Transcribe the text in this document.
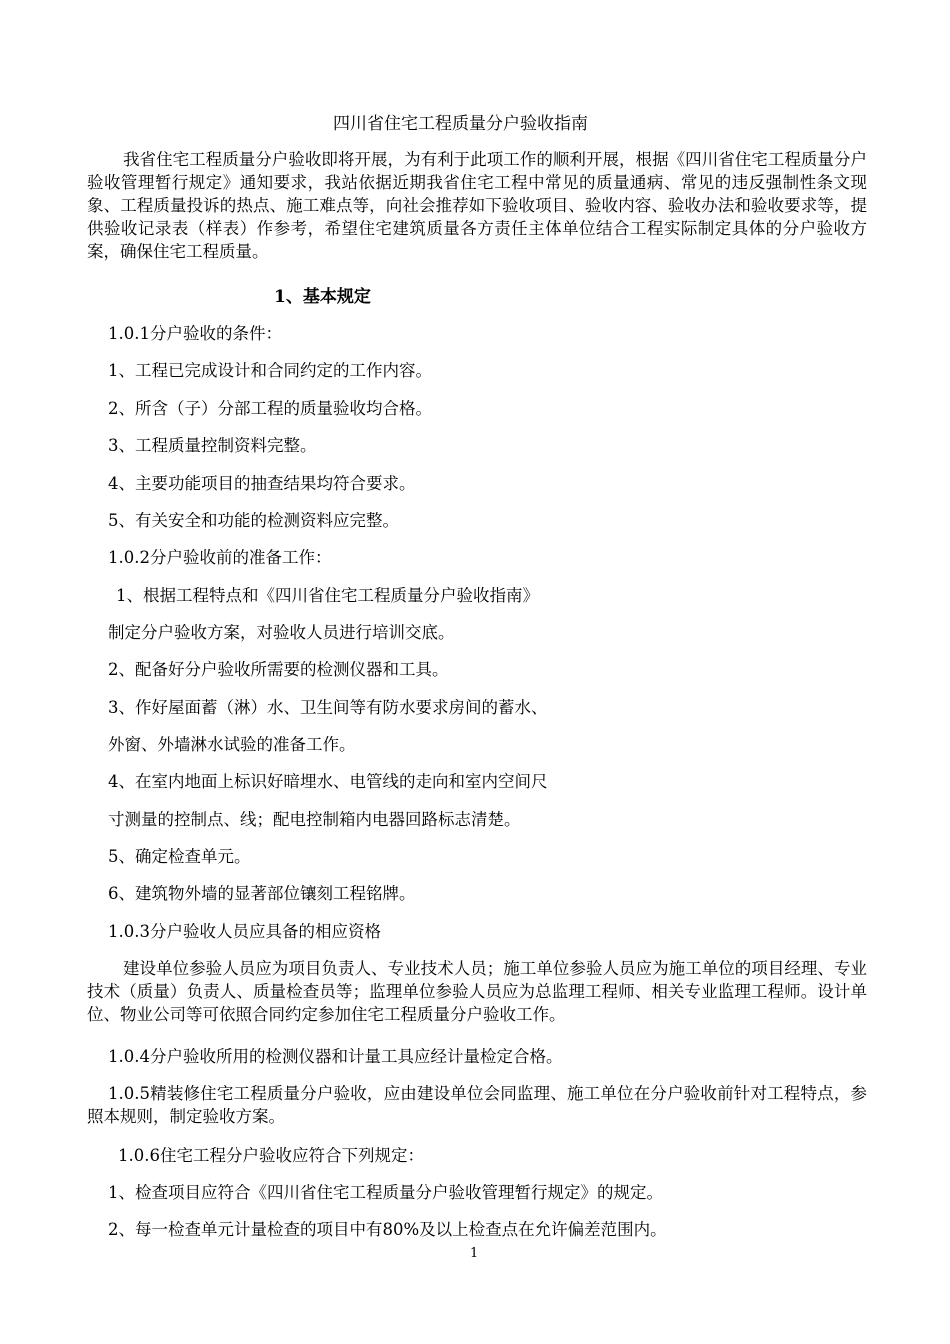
四川省住宅工程质量分户验收指南
我省住宅工程质量分户验收即将开展，为有利于此项工作的顺利开展，根据《四川省住宅工程质量分户验收管理暂行规定》通知要求，我站依据近期我省住宅工程中常见的质量通病、常见的违反强制性条文现象、工程质量投诉的热点、施工难点等，向社会推荐如下验收项目、验收内容、验收办法和验收要求等，提供验收记录表（样表）作参考，希望住宅建筑质量各方责任主体单位结合工程实际制定具体的分户验收方案，确保住宅工程质量。
1、基本规定
1.0.1分户验收的条件：
1、工程已完成设计和合同约定的工作内容。
2、所含（子）分部工程的质量验收均合格。
3、工程质量控制资料完整。
4、主要功能项目的抽查结果均符合要求。
5、有关安全和功能的检测资料应完整。
1.0.2分户验收前的准备工作：
1、根据工程特点和《四川省住宅工程质量分户验收指南》
制定分户验收方案，对验收人员进行培训交底。
2、配备好分户验收所需要的检测仪器和工具。
3、作好屋面蓄（淋）水、卫生间等有防水要求房间的蓄水、
外窗、外墙淋水试验的准备工作。
4、在室内地面上标识好暗埋水、电管线的走向和室内空间尺
寸测量的控制点、线；配电控制箱内电器回路标志清楚。
5、确定检查单元。
6、建筑物外墙的显著部位镶刻工程铭牌。
1.0.3分户验收人员应具备的相应资格
建设单位参验人员应为项目负责人、专业技术人员；施工单位参验人员应为施工单位的项目经理、专业技术（质量）负责人、质量检查员等；监理单位参验人员应为总监理工程师、相关专业监理工程师。设计单位、物业公司等可依照合同约定参加住宅工程质量分户验收工作。
1.0.4分户验收所用的检测仪器和计量工具应经计量检定合格。
1.0.5精装修住宅工程质量分户验收，应由建设单位会同监理、施工单位在分户验收前针对工程特点，参照本规则，制定验收方案。
1.0.6住宅工程分户验收应符合下列规定：
1、检查项目应符合《四川省住宅工程质量分户验收管理暂行规定》的规定。
2、每一检查单元计量检查的项目中有80%及以上检查点在允许偏差范围内。
1
